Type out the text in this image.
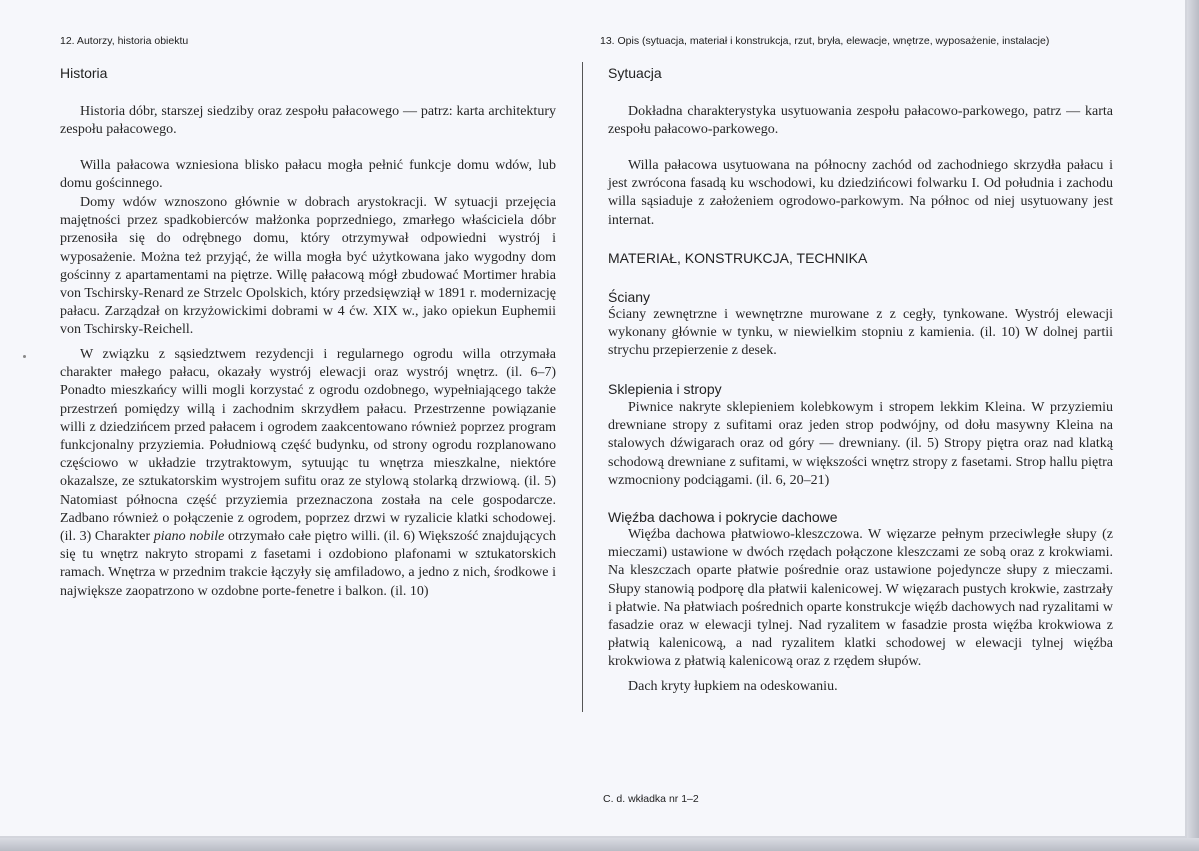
12. Autorzy, historia obiektu	13. Opis (sytuacja, materiał i konstrukcja, rzut, bryła, elewacje, wnętrze, wyposażenie, instalacje)
Historia

Historia dóbr, starszej siedziby oraz zespołu pałacowego — patrz: karta architektury zespołu pałacowego.

Willa pałacowa wzniesiona blisko pałacu mogła pełnić funkcje domu wdów, lub domu gościnnego.

Domy wdów wznoszono głównie w dobrach arystokracji. W sytuacji przejęcia majętności przez spadkobierców małżonka poprzedniego, zmarłego właściciela dóbr przenosiła się do odrębnego domu, który otrzymywał odpowiedni wystrój i wyposażenie. Można też przyjąć, że willa mogła być użytkowana jako wygodny dom gościnny z apartamentami na piętrze. Willę pałacową mógł zbudować Mortimer hrabia von Tschirsky-Renard ze Strzelc Opolskich, który przedsięwziął w 1891 r. modernizację pałacu. Zarządzał on krzyżowickimi dobrami w 4 ćw. XIX w., jako opiekun Euphemii von Tschirsky-Reichell.

W związku z sąsiedztwem rezydencji i regularnego ogrodu willa otrzymała charakter małego pałacu, okazały wystrój elewacji oraz wystrój wnętrz. (il. 6–7) Ponadto mieszkańcy willi mogli korzystać z ogrodu ozdobnego, wypełniającego także przestrzeń pomiędzy willą i zachodnim skrzydłem pałacu. Przestrzenne powiązanie willi z dziedzińcem przed pałacem i ogrodem zaakcentowano również poprzez program funkcjonalny przyziemia. Południową część budynku, od strony ogrodu rozplanowano częściowo w układzie trzytraktowym, sytuując tu wnętrza mieszkalne, niektóre okazalsze, ze sztukatorskim wystrojem sufitu oraz ze stylową stolarką drzwiową. (il. 5) Natomiast północna część przyziemia przeznaczona została na cele gospodarcze. Zadbano również o połączenie z ogrodem, poprzez drzwi w ryzalicie klatki schodowej. (il. 3) Charakter piano nobile otrzymało całe piętro willi. (il. 6) Większość znajdujących się tu wnętrz nakryto stropami z fasetami i ozdobiono plafonami w sztukatorskich ramach. Wnętrza w przednim trakcie łączyły się amfiladowo, a jedno z nich, środkowe i największe zaopatrzono w ozdobne porte-fenetre i balkon. (il. 10)

Sytuacja

Dokładna charakterystyka usytuowania zespołu pałacowo-parkowego, patrz — karta zespołu pałacowo-parkowego.

Willa pałacowa usytuowana na północny zachód od zachodniego skrzydła pałacu i jest zwrócona fasadą ku wschodowi, ku dziedzińcowi folwarku I. Od południa i zachodu willa sąsiaduje z założeniem ogrodowo-parkowym. Na północ od niej usytuowany jest internat.

MATERIAŁ, KONSTRUKCJA, TECHNIKA
Ściany

Ściany zewnętrzne i wewnętrzne murowane z z cegły, tynkowane. Wystrój elewacji wykonany głównie w tynku, w niewielkim stopniu z kamienia. (il. 10) W dolnej partii strychu przepierzenie z desek.

Sklepienia i stropy

Piwnice nakryte sklepieniem kolebkowym i stropem lekkim Kleina. W przyziemiu drewniane stropy z sufitami oraz jeden strop podwójny, od dołu masywny Kleina na stalowych dźwigarach oraz od góry — drewniany. (il. 5) Stropy piętra oraz nad klatką schodową drewniane z sufitami, w większości wnętrz stropy z fasetami. Strop hallu piętra wzmocniony podciągami. (il. 6, 20–21)

Więźba dachowa i pokrycie dachowe

Więźba dachowa płatwiowo-kleszczowa. W więzarze pełnym przeciwległe słupy (z mieczami) ustawione w dwóch rzędach połączone kleszczami ze sobą oraz z krokwiami. Na kleszczach oparte płatwie pośrednie oraz ustawione pojedyncze słupy z mieczami. Słupy stanowią podporę dla płatwii kalenicowej. W więzarach pustych krokwie, zastrzały i płatwie. Na płatwiach pośrednich oparte konstrukcje więźb dachowych nad ryzalitami w fasadzie oraz w elewacji tylnej. Nad ryzalitem w fasadzie prosta więźba krokwiowa z płatwią kalenicową, a nad ryzalitem klatki schodowej w elewacji tylnej więźba krokwiowa z płatwią kalenicową oraz z rzędem słupów.

Dach kryty łupkiem na odeskowaniu.

C. d. wkładka nr 1–2
